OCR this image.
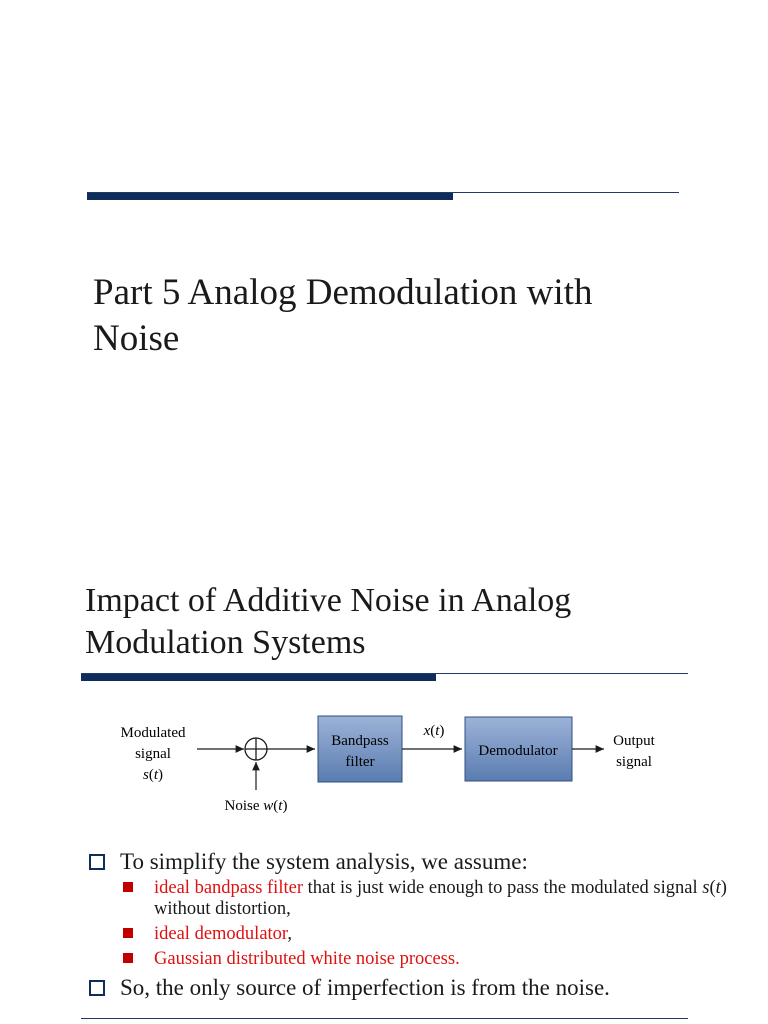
Part 5 Analog Demodulation with
Noise
Impact of Additive Noise in Analog
Modulation Systems
Modulated
signal
s(t)
Noise w(t)
Bandpass
filter
x(t)
Demodulator
Output
signal

To simplify the system analysis, we assume:

ideal bandpass filter that is just wide enough to pass the modulated signal s(t) without distortion,
ideal demodulator,
Gaussian distributed white noise process.

So, the only source of imperfection is from the noise.
